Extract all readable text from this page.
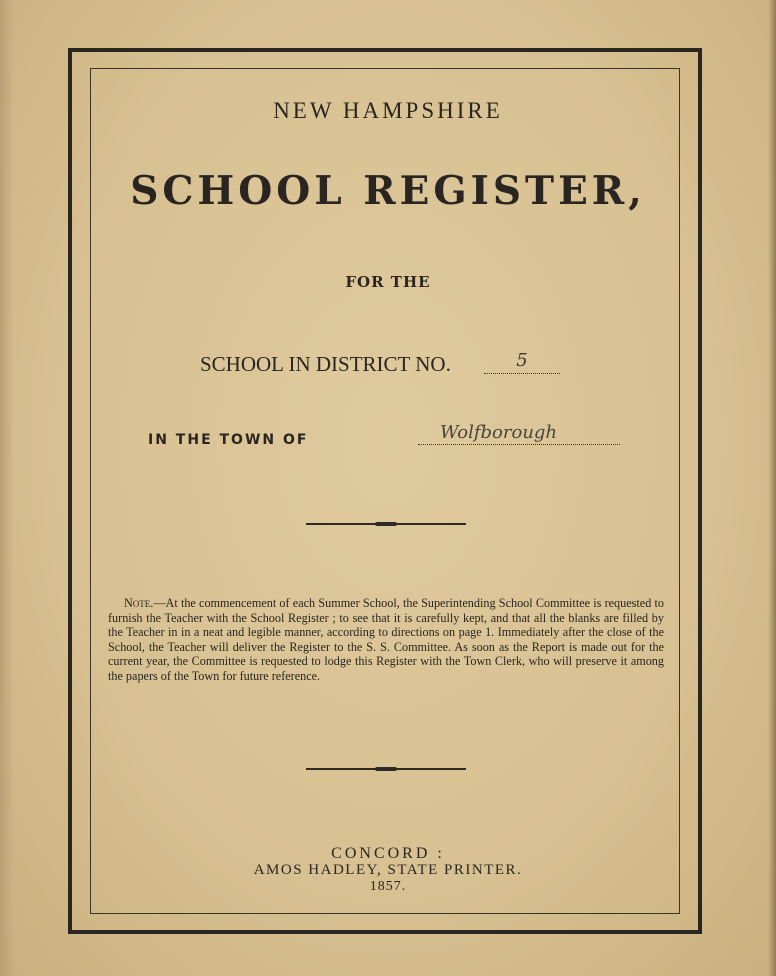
NEW HAMPSHIRE
SCHOOL REGISTER,
FOR THE
SCHOOL IN DISTRICT NO.	5
IN THE TOWN OF	Wolfborough
Note.—At the commencement of each Summer School, the Superintending School Committee is requested to furnish the Teacher with the School Register ; to see that it is carefully kept, and that all the blanks are filled by the Teacher in in a neat and legible manner, according to directions on page 1. Immediately after the close of the School, the Teacher will deliver the Register to the S. S. Committee. As soon as the Report is made out for the current year, the Committee is requested to lodge this Register with the Town Clerk, who will preserve it among the papers of the Town for future reference.
CONCORD :
AMOS HADLEY, STATE PRINTER.
1857.
